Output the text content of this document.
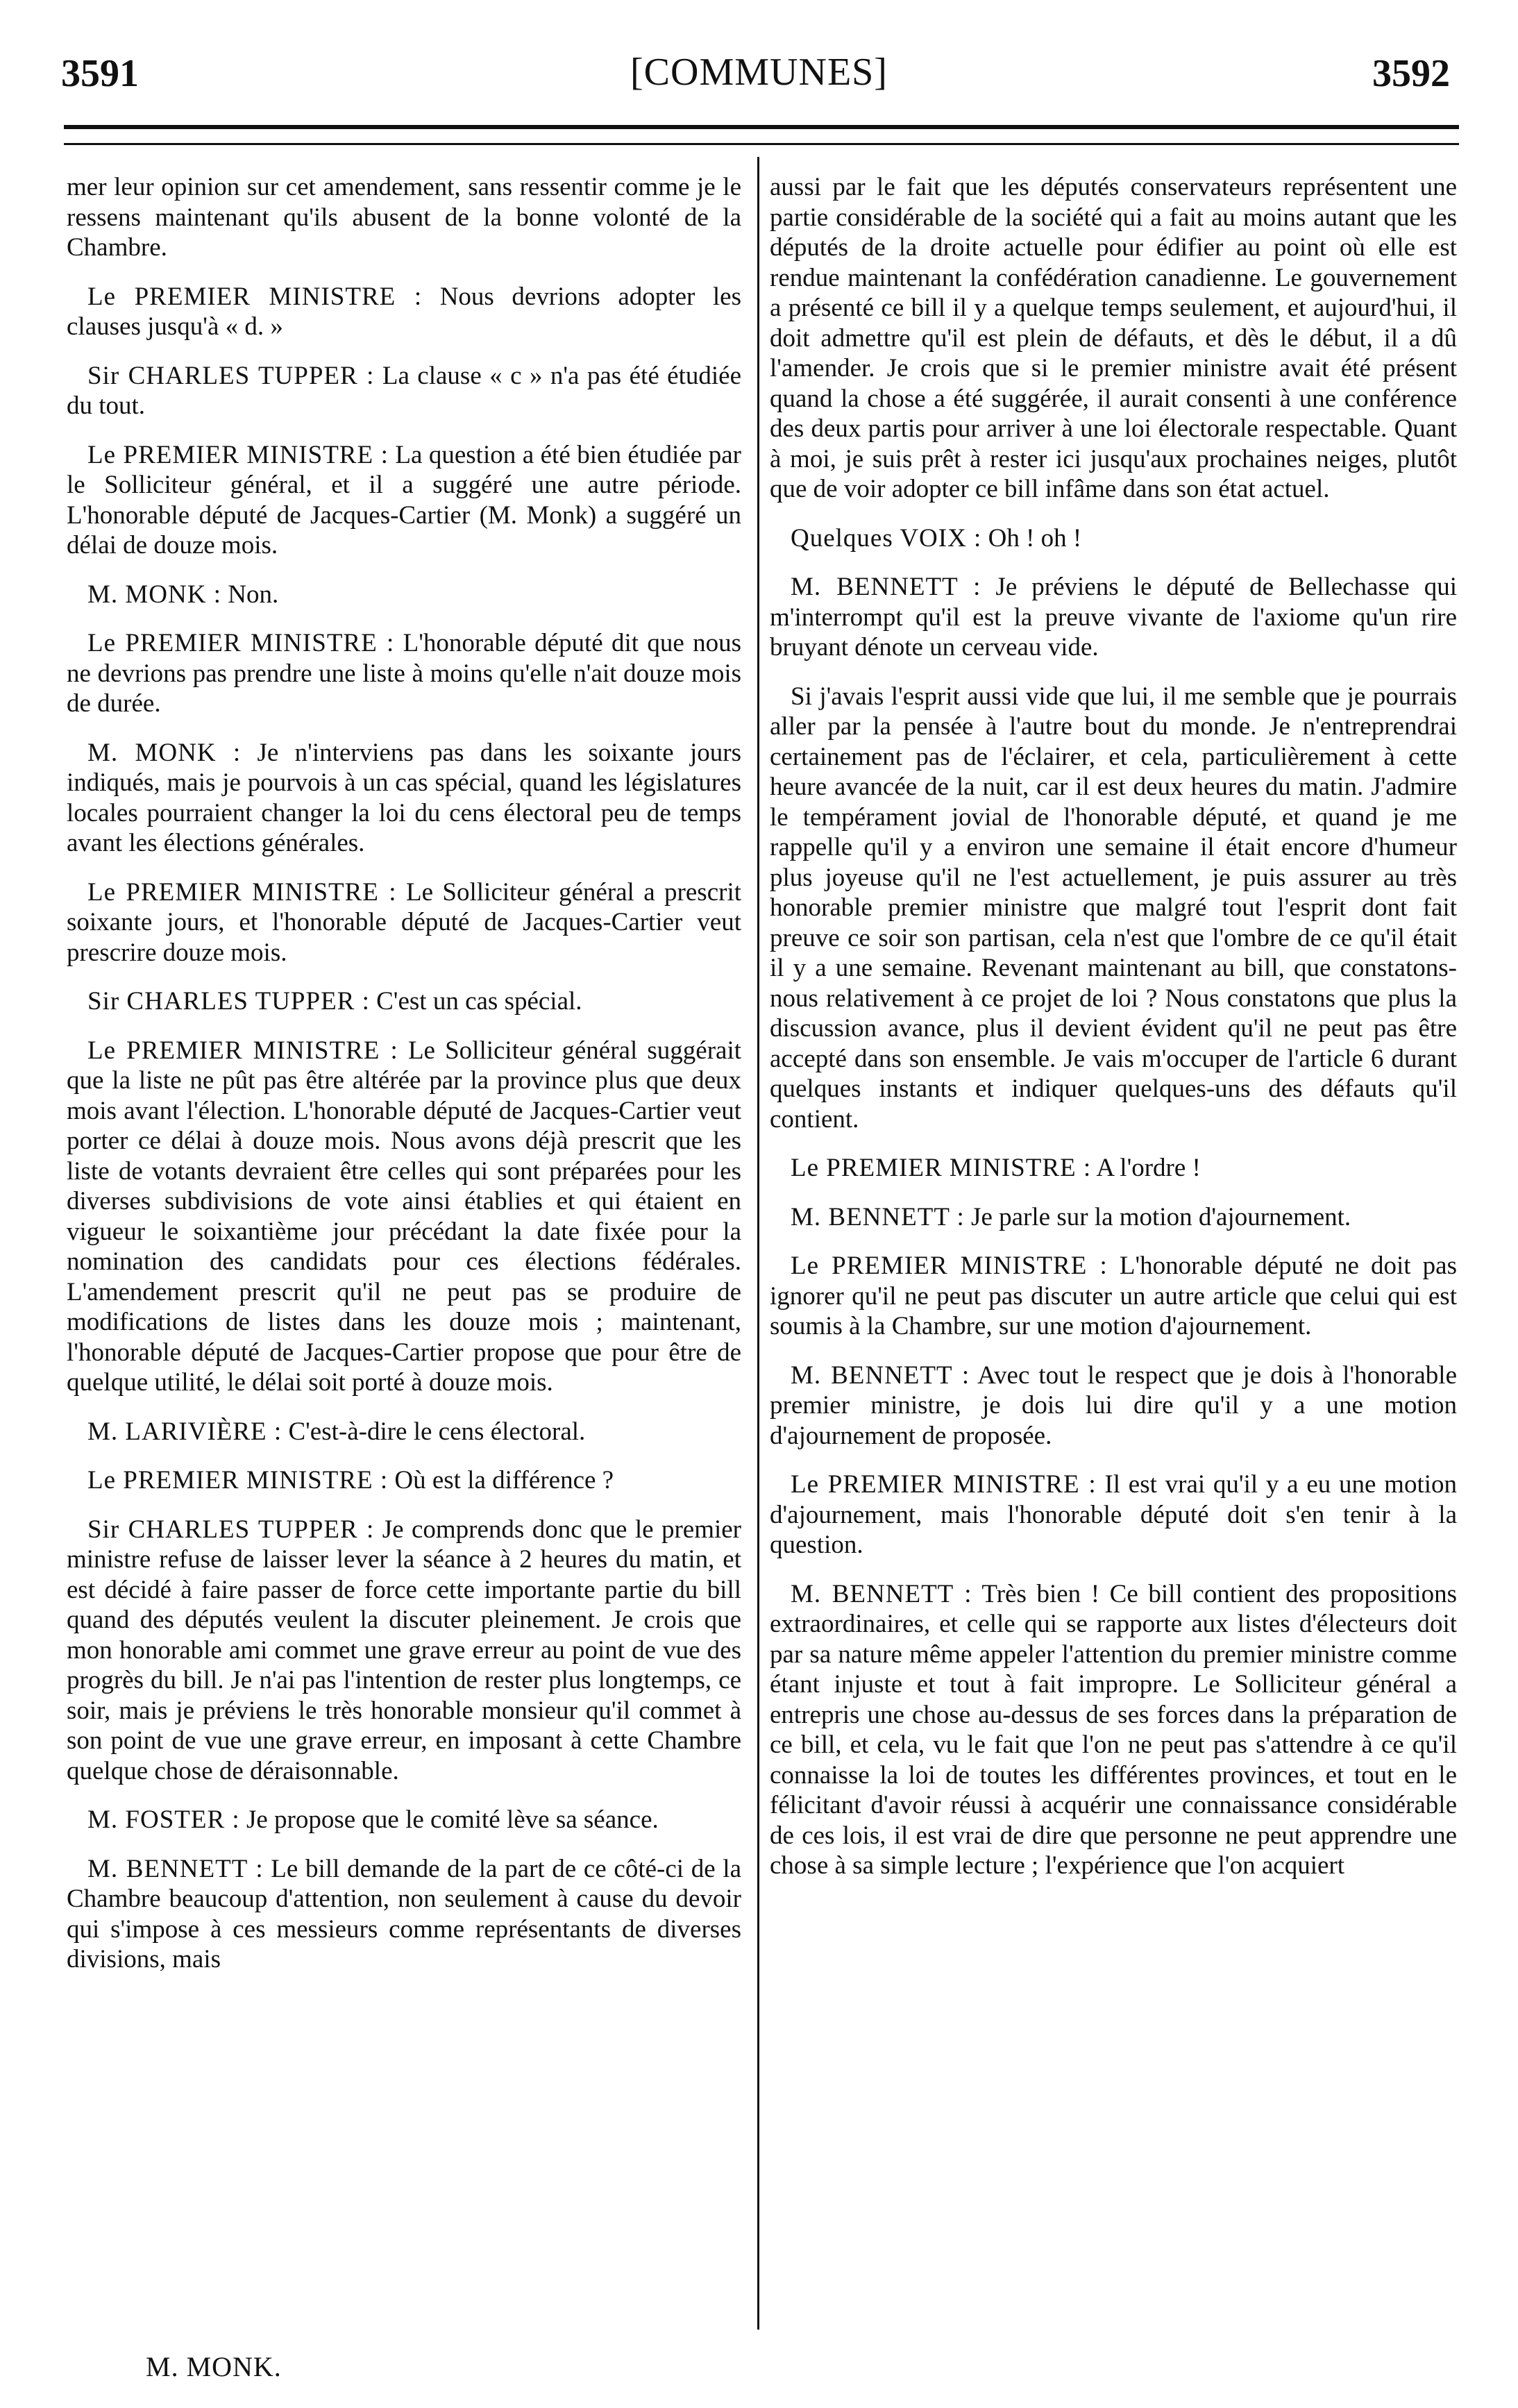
3591	[COMMUNES]	3592

mer leur opinion sur cet amendement, sans ressentir comme je le ressens maintenant qu'ils abusent de la bonne volonté de la Chambre.

Le PREMIER MINISTRE : Nous devrions adopter les clauses jusqu'à « d. »

Sir CHARLES TUPPER : La clause « c » n'a pas été étudiée du tout.

Le PREMIER MINISTRE : La question a été bien étudiée par le Solliciteur général, et il a suggéré une autre période. L'honorable député de Jacques-Cartier (M. Monk) a suggéré un délai de douze mois.

M. MONK : Non.

Le PREMIER MINISTRE : L'honorable député dit que nous ne devrions pas prendre une liste à moins qu'elle n'ait douze mois de durée.

M. MONK : Je n'interviens pas dans les soixante jours indiqués, mais je pourvois à un cas spécial, quand les législatures locales pourraient changer la loi du cens électoral peu de temps avant les élections générales.

Le PREMIER MINISTRE : Le Solliciteur général a prescrit soixante jours, et l'honorable député de Jacques-Cartier veut prescrire douze mois.

Sir CHARLES TUPPER : C'est un cas spécial.

Le PREMIER MINISTRE : Le Solliciteur général suggérait que la liste ne pût pas être altérée par la province plus que deux mois avant l'élection. L'honorable député de Jacques-Cartier veut porter ce délai à douze mois. Nous avons déjà prescrit que les liste de votants devraient être celles qui sont préparées pour les diverses subdivisions de vote ainsi établies et qui étaient en vigueur le soixantième jour précédant la date fixée pour la nomination des candidats pour ces élections fédérales. L'amendement prescrit qu'il ne peut pas se produire de modifications de listes dans les douze mois ; maintenant, l'honorable député de Jacques-Cartier propose que pour être de quelque utilité, le délai soit porté à douze mois.

M. LARIVIÈRE : C'est-à-dire le cens électoral.

Le PREMIER MINISTRE : Où est la différence ?

Sir CHARLES TUPPER : Je comprends donc que le premier ministre refuse de laisser lever la séance à 2 heures du matin, et est décidé à faire passer de force cette importante partie du bill quand des députés veulent la discuter pleinement. Je crois que mon honorable ami commet une grave erreur au point de vue des progrès du bill. Je n'ai pas l'intention de rester plus longtemps, ce soir, mais je préviens le très honorable monsieur qu'il commet à son point de vue une grave erreur, en imposant à cette Chambre quelque chose de déraisonnable.

M. FOSTER : Je propose que le comité lève sa séance.

M. BENNETT : Le bill demande de la part de ce côté-ci de la Chambre beaucoup d'attention, non seulement à cause du devoir qui s'impose à ces messieurs comme représentants de diverses divisions, mais

aussi par le fait que les députés conservateurs représentent une partie considérable de la société qui a fait au moins autant que les députés de la droite actuelle pour édifier au point où elle est rendue maintenant la confédération canadienne. Le gouvernement a présenté ce bill il y a quelque temps seulement, et aujourd'hui, il doit admettre qu'il est plein de défauts, et dès le début, il a dû l'amender. Je crois que si le premier ministre avait été présent quand la chose a été suggérée, il aurait consenti à une conférence des deux partis pour arriver à une loi électorale respectable. Quant à moi, je suis prêt à rester ici jusqu'aux prochaines neiges, plutôt que de voir adopter ce bill infâme dans son état actuel.

Quelques VOIX : Oh ! oh !

M. BENNETT : Je préviens le député de Bellechasse qui m'interrompt qu'il est la preuve vivante de l'axiome qu'un rire bruyant dénote un cerveau vide.

Si j'avais l'esprit aussi vide que lui, il me semble que je pourrais aller par la pensée à l'autre bout du monde. Je n'entreprendrai certainement pas de l'éclairer, et cela, particulièrement à cette heure avancée de la nuit, car il est deux heures du matin. J'admire le tempérament jovial de l'honorable député, et quand je me rappelle qu'il y a environ une semaine il était encore d'humeur plus joyeuse qu'il ne l'est actuellement, je puis assurer au très honorable premier ministre que malgré tout l'esprit dont fait preuve ce soir son partisan, cela n'est que l'ombre de ce qu'il était il y a une semaine. Revenant maintenant au bill, que constatons-nous relativement à ce projet de loi ? Nous constatons que plus la discussion avance, plus il devient évident qu'il ne peut pas être accepté dans son ensemble. Je vais m'occuper de l'article 6 durant quelques instants et indiquer quelques-uns des défauts qu'il contient.

Le PREMIER MINISTRE : A l'ordre !

M. BENNETT : Je parle sur la motion d'ajournement.

Le PREMIER MINISTRE : L'honorable député ne doit pas ignorer qu'il ne peut pas discuter un autre article que celui qui est soumis à la Chambre, sur une motion d'ajournement.

M. BENNETT : Avec tout le respect que je dois à l'honorable premier ministre, je dois lui dire qu'il y a une motion d'ajournement de proposée.

Le PREMIER MINISTRE : Il est vrai qu'il y a eu une motion d'ajournement, mais l'honorable député doit s'en tenir à la question.

M. BENNETT : Très bien ! Ce bill contient des propositions extraordinaires, et celle qui se rapporte aux listes d'électeurs doit par sa nature même appeler l'attention du premier ministre comme étant injuste et tout à fait impropre. Le Solliciteur général a entrepris une chose au-dessus de ses forces dans la préparation de ce bill, et cela, vu le fait que l'on ne peut pas s'attendre à ce qu'il connaisse la loi de toutes les différentes provinces, et tout en le félicitant d'avoir réussi à acquérir une connaissance considérable de ces lois, il est vrai de dire que personne ne peut apprendre une chose à sa simple lecture ; l'expérience que l'on acquiert

M. MONK.
